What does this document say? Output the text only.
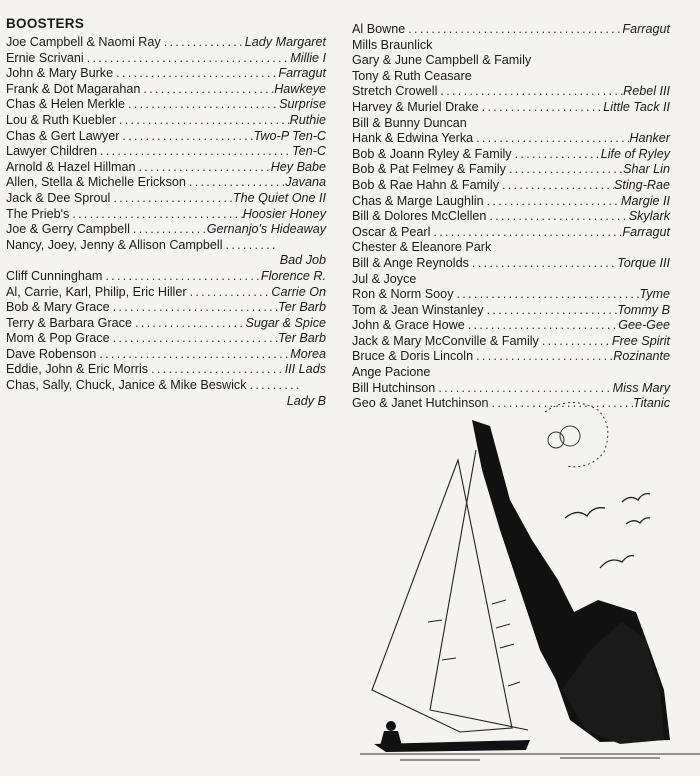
BOOSTERS
Joe Campbell & Naomi Ray . . .	Lady Margaret
Ernie Scrivani . . .	Millie I
John & Mary Burke . . .	Farragut
Frank & Dot Magarahan . . .	Hawkeye
Chas & Helen Merkle . . .	Surprise
Lou & Ruth Kuebler . . .	Ruthie
Chas & Gert Lawyer . . .	Two-P Ten-C
Lawyer Children . . .	Ten-C
Arnold & Hazel Hillman . . .	Hey Babe
Allen, Stella & Michelle Erickson . . .	Javana
Jack & Dee Sproul . . .	The Quiet One II
The Prieb's . . .	Hoosier Honey
Joe & Gerry Campbell . . .	Gernanjo's Hideaway
Nancy, Joey, Jenny & Allison Campbell
. . .
Bad Job
Cliff Cunningham . . .	Florence R.
Al, Carrie, Karl, Philip, Eric Hiller . . .	Carrie On
Bob & Mary Grace . . .	Ter Barb
Terry & Barbara Grace . . .	Sugar & Spice
Mom & Pop Grace . . .	Ter Barb
Dave Robenson . . .	Morea
Eddie, John & Eric Morris . . .	III Lads
Chas, Sally, Chuck, Janice & Mike Beswick
. . .
Lady B
Al Bowne . . .	Farragut
Mills Braunlick
Gary & June Campbell & Family
Tony & Ruth Ceasare
Stretch Crowell . . .	Rebel III
Harvey & Muriel Drake . . .	Little Tack II
Bill & Bunny Duncan
Hank & Edwina Yerka . . .	Hanker
Bob & Joann Ryley & Family . . .	Life of Ryley
Bob & Pat Felmey & Family . . .	Shar Lin
Bob & Rae Hahn & Family . . .	Sting-Rae
Chas & Marge Laughlin . . .	Margie II
Bill & Dolores McClellen . . .	Skylark
Oscar & Pearl . . .	Farragut
Chester & Eleanore Park
Bill & Ange Reynolds . . .	Torque III
Jul & Joyce
Ron & Norm Sooy . . .	Tyme
Tom & Jean Winstanley . . .	Tommy B
John & Grace Howe . . .	Gee-Gee
Jack & Mary McConville & Family . . .	Free Spirit
Bruce & Doris Lincoln . . .	Rozinante
Ange Pacione
Bill Hutchinson . . .	Miss Mary
Geo & Janet Hutchinson . . .	Titanic
